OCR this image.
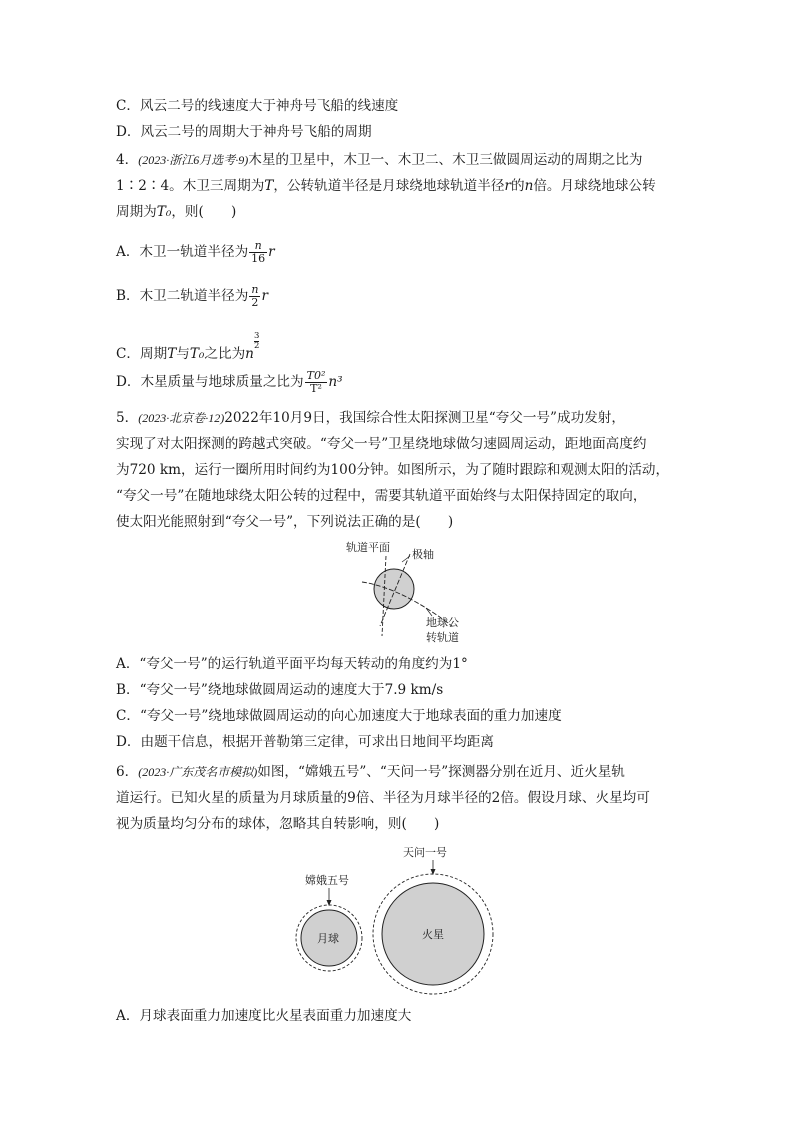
C．风云二号的线速度大于神舟号飞船的线速度
D．风云二号的周期大于神舟号飞船的周期
4．(2023·浙江6月选考·9)木星的卫星中，木卫一、木卫二、木卫三做圆周运动的周期之比为
1∶2∶4。木卫三周期为T，公转轨道半径是月球绕地球轨道半径r的n倍。月球绕地球公转
周期为T₀，则(　　)
A．木卫一轨道半径为 $\frac{n}{16}$ r
B．木卫二轨道半径为 $\frac{n}{2}$ r
C．周期T与T₀之比为$n\frac{3}{2}$
D．木星质量与地球质量之比为 $\frac{\text{T0²}}{\text{T²}} n^3$
5．(2023·北京卷·12)2022年10月9日，我国综合性太阳探测卫星“夸父一号”成功发射，
实现了对太阳探测的跨越式突破。“夸父一号”卫星绕地球做匀速圆周运动，距地面高度约
为720 km，运行一圈所用时间约为100分钟。如图所示，为了随时跟踪和观测太阳的活动，
“夸父一号”在随地球绕太阳公转的过程中，需要其轨道平面始终与太阳保持固定的取向，
使太阳光能照射到“夸父一号”，下列说法正确的是(　　)
轨道平面
极轴
地球公
转轨道
A．“夸父一号”的运行轨道平面平均每天转动的角度约为1°
B．“夸父一号”绕地球做圆周运动的速度大于7.9 km/s
C．“夸父一号”绕地球做圆周运动的向心加速度大于地球表面的重力加速度
D．由题干信息，根据开普勒第三定律，可求出日地间平均距离
6．(2023·广东茂名市模拟)如图，“嫦娥五号”、“天问一号”探测器分别在近月、近火星轨
道运行。已知火星的质量为月球质量的9倍、半径为月球半径的2倍。假设月球、火星均可
视为质量均匀分布的球体，忽略其自转影响，则(　　)
嫦娥五号
天问一号
月球	火星
A．月球表面重力加速度比火星表面重力加速度大
